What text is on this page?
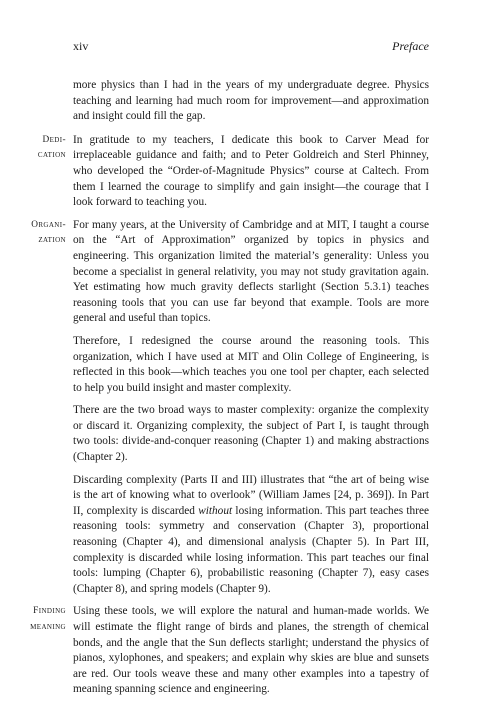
xiv	Preface

more physics than I had in the years of my undergraduate degree. Physics teaching and learning had much room for improvement—and approximation and insight could fill the gap.

Dedi-
cation
In gratitude to my teachers, I dedicate this book to Carver Mead for irreplaceable guidance and faith; and to Peter Goldreich and Sterl Phinney, who developed the “Order-of-Magnitude Physics” course at Caltech. From them I learned the courage to simplify and gain insight—the courage that I look forward to teaching you.
Organi-
zation
For many years, at the University of Cambridge and at MIT, I taught a course on the “Art of Approximation” organized by topics in physics and engineering. This organization limited the material’s generality: Unless you become a specialist in general relativity, you may not study gravitation again. Yet estimating how much gravity deflects starlight (Section 5.3.1) teaches reasoning tools that you can use far beyond that example. Tools are more general and useful than topics.

Therefore, I redesigned the course around the reasoning tools. This organization, which I have used at MIT and Olin College of Engineering, is reflected in this book—which teaches you one tool per chapter, each selected to help you build insight and master complexity.

There are the two broad ways to master complexity: organize the complexity or discard it. Organizing complexity, the subject of Part I, is taught through two tools: divide-and-conquer reasoning (Chapter 1) and making abstractions (Chapter 2).

Discarding complexity (Parts II and III) illustrates that “the art of being wise is the art of knowing what to overlook” (William James [24, p. 369]). In Part II, complexity is discarded without losing information. This part teaches three reasoning tools: symmetry and conservation (Chapter 3), proportional reasoning (Chapter 4), and dimensional analysis (Chapter 5). In Part III, complexity is discarded while losing information. This part teaches our final tools: lumping (Chapter 6), probabilistic reasoning (Chapter 7), easy cases (Chapter 8), and spring models (Chapter 9).

Finding
meaning
Using these tools, we will explore the natural and human-made worlds. We will estimate the flight range of birds and planes, the strength of chemical bonds, and the angle that the Sun deflects starlight; understand the physics of pianos, xylophones, and speakers; and explain why skies are blue and sunsets are red. Our tools weave these and many other examples into a tapestry of meaning spanning science and engineering.
